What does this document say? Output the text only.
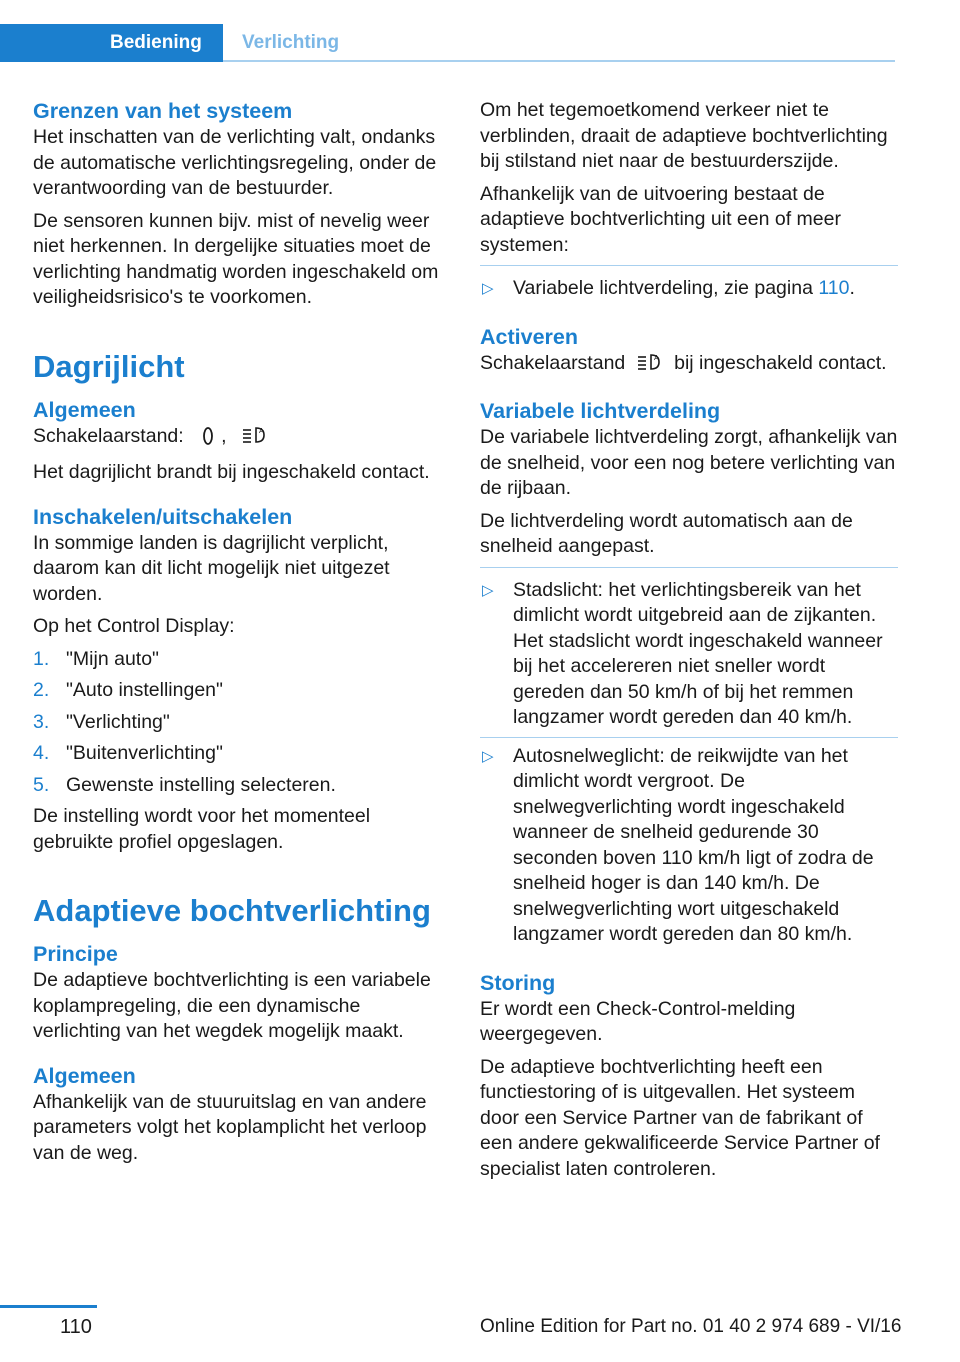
Bediening	Verlichting
Grenzen van het systeem

Het inschatten van de verlichting valt, ondanks de automatische verlichtingsregeling, onder de verantwoording van de bestuurder.

De sensoren kunnen bijv. mist of nevelig weer niet herkennen. In dergelijke situaties moet de verlichting handmatig worden ingeschakeld om veiligheidsrisico's te voorkomen.

Dagrijlicht
Algemeen

Schakelaarstand: ,	A

Het dagrijlicht brandt bij ingeschakeld contact.

Inschakelen/uitschakelen

In sommige landen is dagrijlicht verplicht, daarom kan dit licht mogelijk niet uitgezet worden.

Op het Control Display:

1. "Mijn auto"
2. "Auto instellingen"
3. "Verlichting"
4. "Buitenverlichting"
5. Gewenste instelling selecteren.

De instelling wordt voor het momenteel gebruikte profiel opgeslagen.

Adaptieve bochtverlichting
Principe

De adaptieve bochtverlichting is een variabele koplampregeling, die een dynamische verlichting van het wegdek mogelijk maakt.

Algemeen

Afhankelijk van de stuuruitslag en van andere parameters volgt het koplamplicht het verloop van de weg.

Om het tegemoetkomend verkeer niet te verblinden, draait de adaptieve bochtverlichting bij stilstand niet naar de bestuurderszijde.

Afhankelijk van de uitvoering bestaat de adaptieve bochtverlichting uit een of meer systemen:

▷ Variabele lichtverdeling, zie pagina 110.
Activeren

Schakelaarstand	A bij ingeschakeld contact.

Variabele lichtverdeling

De variabele lichtverdeling zorgt, afhankelijk van de snelheid, voor een nog betere verlichting van de rijbaan.

De lichtverdeling wordt automatisch aan de snelheid aangepast.

▷ Stadslicht: het verlichtingsbereik van het dimlicht wordt uitgebreid aan de zijkanten. Het stadslicht wordt ingeschakeld wanneer bij het accelereren niet sneller wordt gereden dan 50 km/h of bij het remmen langzamer wordt gereden dan 40 km/h.
▷ Autosnelweglicht: de reikwijdte van het dimlicht wordt vergroot. De snelwegverlichting wordt ingeschakeld wanneer de snelheid gedurende 30 seconden boven 110 km/h ligt of zodra de snelheid hoger is dan 140 km/h. De snelwegverlichting wort uitgeschakeld langzamer wordt gereden dan 80 km/h.
Storing

Er wordt een Check-Control-melding weergegeven.

De adaptieve bochtverlichting heeft een functiestoring of is uitgevallen. Het systeem door een Service Partner van de fabrikant of een andere gekwalificeerde Service Partner of specialist laten controleren.

110	Online Edition for Part no. 01 40 2 974 689 - VI/16
